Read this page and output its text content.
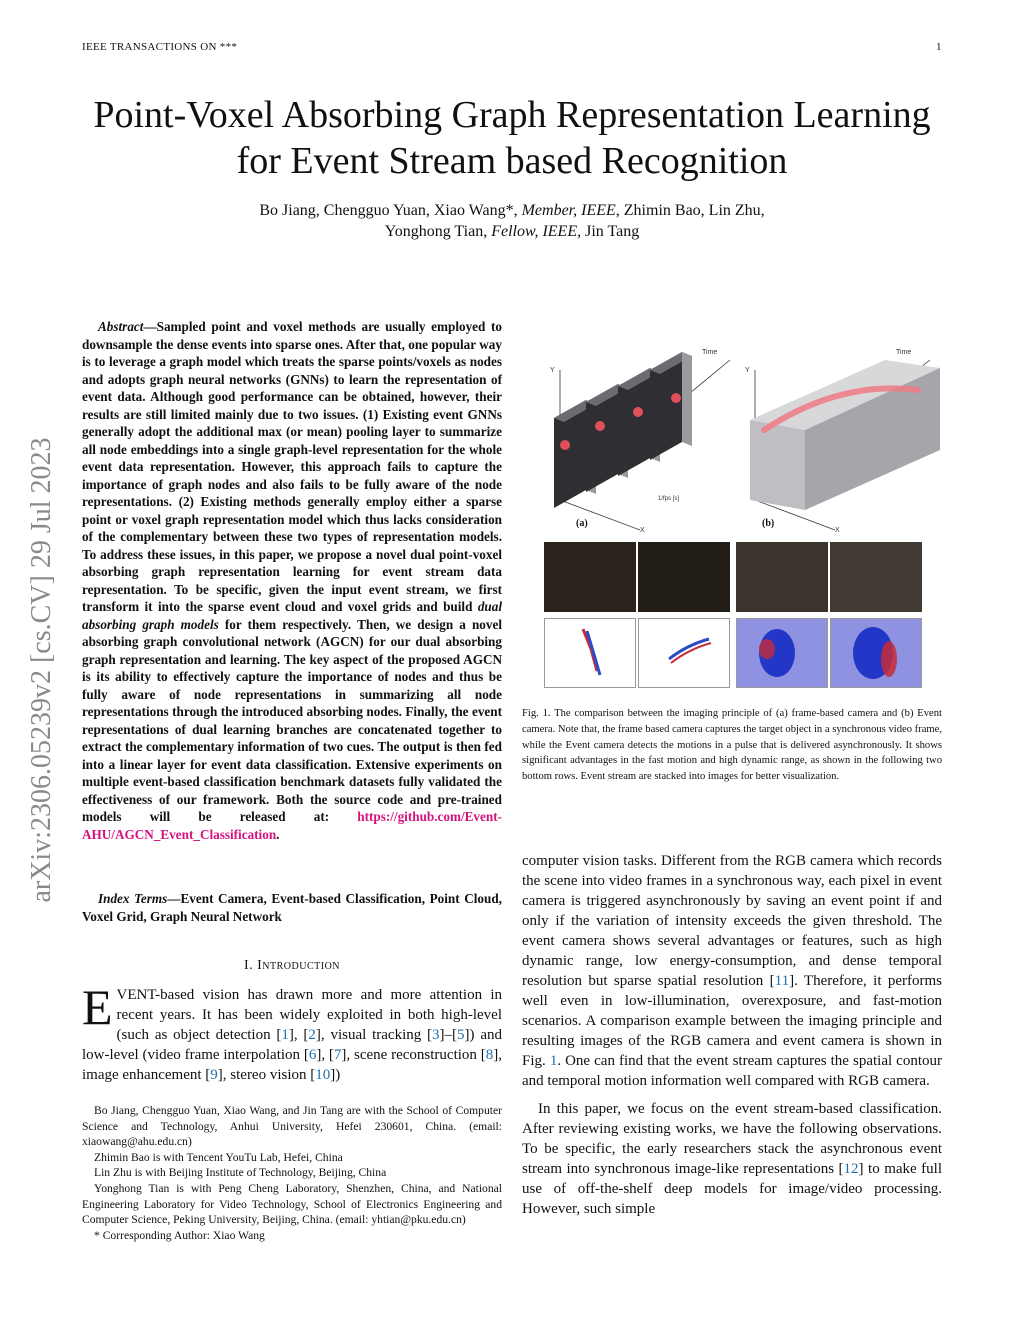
IEEE TRANSACTIONS ON ***	1
Point-Voxel Absorbing Graph Representation Learning for Event Stream based Recognition
Bo Jiang, Chengguo Yuan, Xiao Wang*, Member, IEEE, Zhimin Bao, Lin Zhu,
Yonghong Tian, Fellow, IEEE, Jin Tang
arXiv:2306.05239v2 [cs.CV] 29 Jul 2023
Abstract—Sampled point and voxel methods are usually employed to downsample the dense events into sparse ones. After that, one popular way is to leverage a graph model which treats the sparse points/voxels as nodes and adopts graph neural networks (GNNs) to learn the representation of event data. Although good performance can be obtained, however, their results are still limited mainly due to two issues. (1) Existing event GNNs generally adopt the additional max (or mean) pooling layer to summarize all node embeddings into a single graph-level representation for the whole event data representation. However, this approach fails to capture the importance of graph nodes and also fails to be fully aware of the node representations. (2) Existing methods generally employ either a sparse point or voxel graph representation model which thus lacks consideration of the complementary between these two types of representation models. To address these issues, in this paper, we propose a novel dual point-voxel absorbing graph representation learning for event stream data representation. To be specific, given the input event stream, we first transform it into the sparse event cloud and voxel grids and build dual absorbing graph models for them respectively. Then, we design a novel absorbing graph convolutional network (AGCN) for our dual absorbing graph representation and learning. The key aspect of the proposed AGCN is its ability to effectively capture the importance of nodes and thus be fully aware of node representations in summarizing all node representations through the introduced absorbing nodes. Finally, the event representations of dual learning branches are concatenated together to extract the complementary information of two cues. The output is then fed into a linear layer for event data classification. Extensive experiments on multiple event-based classification benchmark datasets fully validated the effectiveness of our framework. Both the source code and pre-trained models will be released at: https://github.com/Event-AHU/AGCN_Event_Classification.
Index Terms—Event Camera, Event-based Classification, Point Cloud, Voxel Grid, Graph Neural Network
I. Introduction
EVENT-based vision has drawn more and more attention in recent years. It has been widely exploited in both high-level (such as object detection [1], [2], visual tracking [3]–[5]) and low-level (video frame interpolation [6], [7], scene reconstruction [8], image enhancement [9], stereo vision [10])

Bo Jiang, Chengguo Yuan, Xiao Wang, and Jin Tang are with the School of Computer Science and Technology, Anhui University, Hefei 230601, China. (email: xiaowang@ahu.edu.cn)

Zhimin Bao is with Tencent YouTu Lab, Hefei, China

Lin Zhu is with Beijing Institute of Technology, Beijing, China

Yonghong Tian is with Peng Cheng Laboratory, Shenzhen, China, and National Engineering Laboratory for Video Technology, School of Electronics Engineering and Computer Science, Peking University, Beijing, China. (email: yhtian@pku.edu.cn)

* Corresponding Author: Xiao Wang

Time
Y
X
1/fps [s]
(a)
Time
Y
X
(b)
Fig. 1. The comparison between the imaging principle of (a) frame-based camera and (b) Event camera. Note that, the frame based camera captures the target object in a synchronous video frame, while the Event camera detects the motions in a pulse that is delivered asynchronously. It shows significant advantages in the fast motion and high dynamic range, as shown in the following two bottom rows. Event stream are stacked into images for better visualization.

computer vision tasks. Different from the RGB camera which records the scene into video frames in a synchronous way, each pixel in event camera is triggered asynchronously by saving an event point if and only if the variation of intensity exceeds the given threshold. The event camera shows several advantages or features, such as high dynamic range, low energy-consumption, and dense temporal resolution but sparse spatial resolution [11]. Therefore, it performs well even in low-illumination, overexposure, and fast-motion scenarios. A comparison example between the imaging principle and resulting images of the RGB camera and event camera is shown in Fig. 1. One can find that the event stream captures the spatial contour and temporal motion information well compared with RGB camera.

In this paper, we focus on the event stream-based classification. After reviewing existing works, we have the following observations. To be specific, the early researchers stack the asynchronous event stream into synchronous image-like representations [12] to make full use of off-the-shelf deep models for image/video processing. However, such simple
